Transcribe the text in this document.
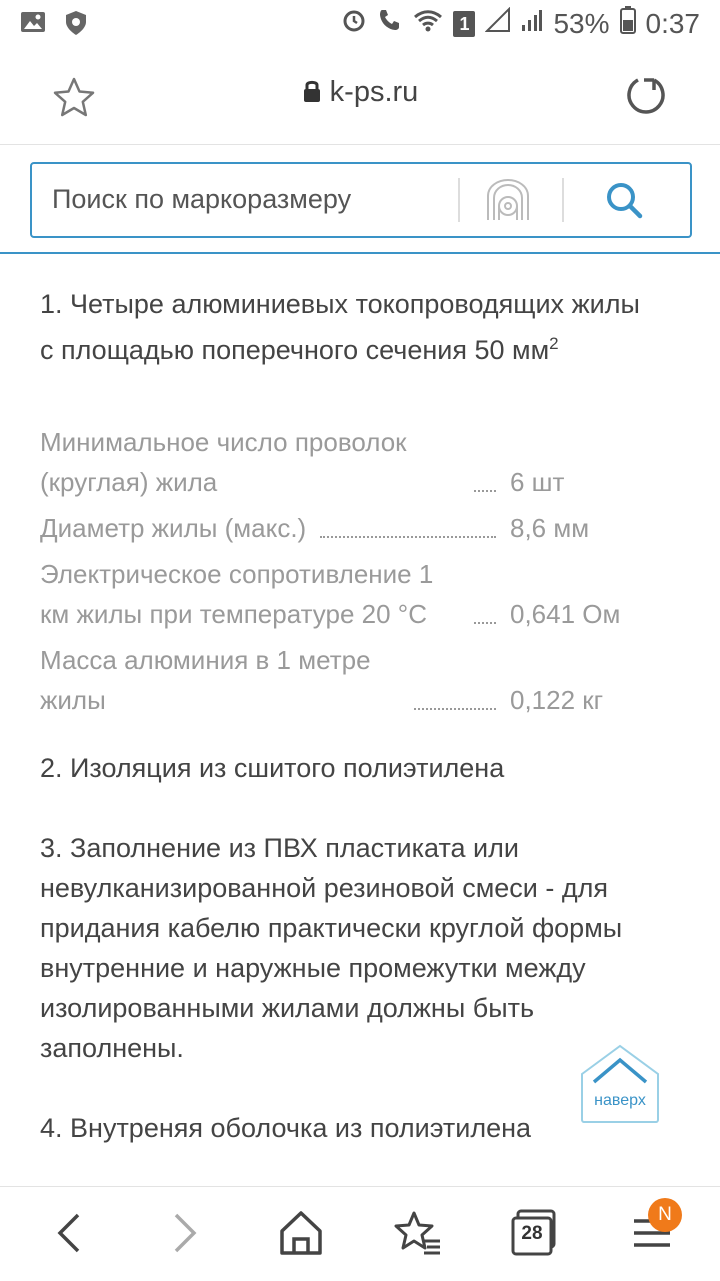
1	53% 0:37
k-ps.ru
Поиск по маркоразмеру

1. Четыре алюминиевых токопроводящих жилы с площадью поперечного сечения 50 $мм^2$

Минимальное число проволок (круглая) жила	6 шт
Диаметр жилы (макс.)	8,6 мм
Электрическое сопротивление 1 км жилы при температуре 20 °C	0,641 Ом
Масса алюминия в 1 метре жилы	0,122 кг

2. Изоляция из сшитого полиэтилена

3. Заполнение из ПВХ пластиката или невулканизированной резиновой смеси - для придания кабелю практически круглой формы внутренние и наружные промежутки между изолированными жилами должны быть заполнены.

4. Внутреняя оболочка из полиэтилена

наверх
28
N
